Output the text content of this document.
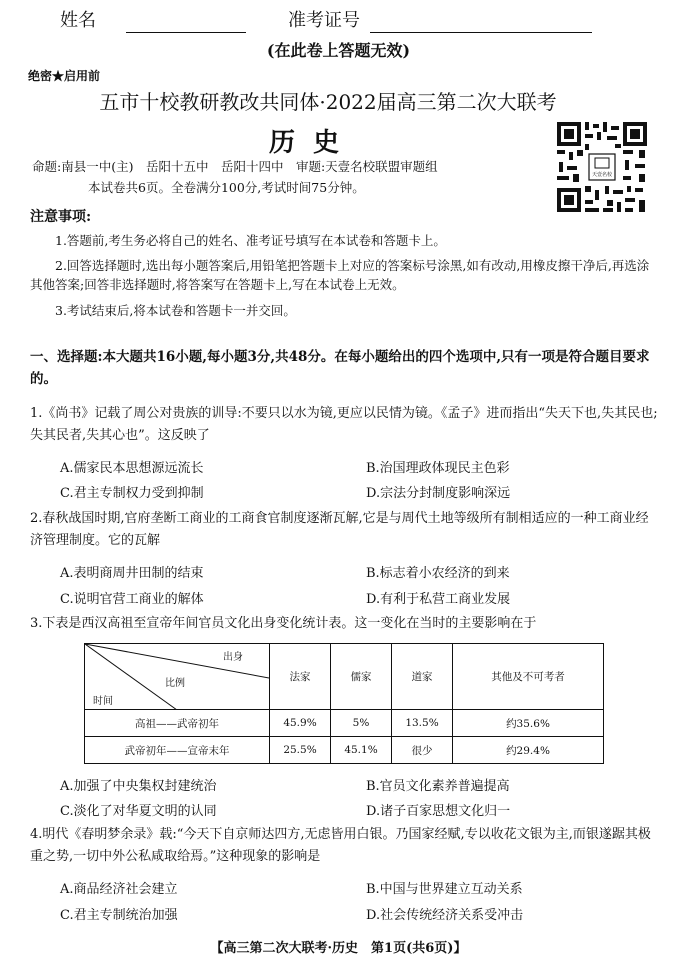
姓名	准考证号
(在此卷上答题无效)
绝密★启用前
五市十校教研教改共同体·2022届高三第二次大联考
历史
命题:南县一中(主)　岳阳十五中　岳阳十四中　审题:天壹名校联盟审题组
本试卷共6页。全卷满分100分,考试时间75分钟。
天壹名校
注意事项:
1.答题前,考生务必将自己的姓名、准考证号填写在本试卷和答题卡上。
2.回答选择题时,选出每小题答案后,用铅笔把答题卡上对应的答案标号涂黑,如有改动,用橡皮擦干净后,再选涂其他答案;回答非选择题时,将答案写在答题卡上,写在本试卷上无效。
3.考试结束后,将本试卷和答题卡一并交回。
一、选择题:本大题共16小题,每小题3分,共48分。在每小题给出的四个选项中,只有一项是符合题目要求的。
1.《尚书》记载了周公对贵族的训导:不要只以水为镜,更应以民情为镜。《孟子》进而指出“失天下也,失其民也;失其民者,失其心也”。这反映了
A.儒家民本思想源远流长	B.治国理政体现民主色彩
C.君主专制权力受到抑制	D.宗法分封制度影响深远
2.春秋战国时期,官府垄断工商业的工商食官制度逐渐瓦解,它是与周代土地等级所有制相适应的一种工商业经济管理制度。它的瓦解
A.表明商周井田制的结束	B.标志着小农经济的到来
C.说明官营工商业的解体	D.有利于私营工商业发展
3.下表是西汉高祖至宣帝年间官员文化出身变化统计表。这一变化在当时的主要影响在于
出身
比例
时间	法家	儒家	道家	其他及不可考者
高祖——武帝初年	45.9%	5%	13.5%	约35.6%
武帝初年——宣帝末年	25.5%	45.1%	很少	约29.4%
A.加强了中央集权封建统治	B.官员文化素养普遍提高
C.淡化了对华夏文明的认同	D.诸子百家思想文化归一
4.明代《春明梦余录》载:“今天下自京师达四方,无虑皆用白银。乃国家经赋,专以收花文银为主,而银遂踞其极重之势,一切中外公私咸取给焉。”这种现象的影响是
A.商品经济社会建立	B.中国与世界建立互动关系
C.君主专制统治加强	D.社会传统经济关系受冲击
【高三第二次大联考·历史　第1页(共6页)】
